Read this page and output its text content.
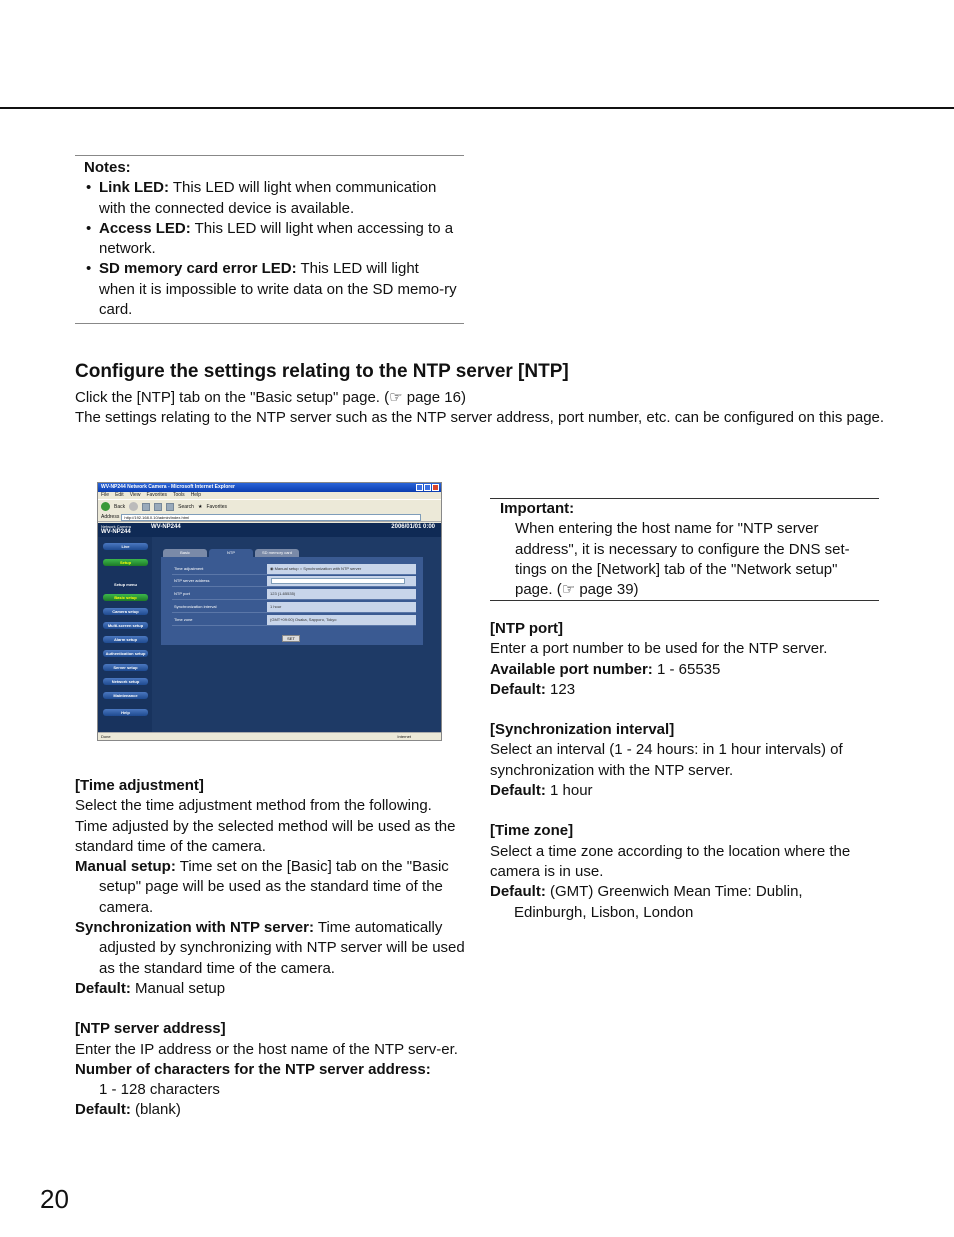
Notes:
• Link LED: This LED will light when communication with the connected device is available.
• Access LED: This LED will light when accessing to a network.
• SD memory card error LED: This LED will light when it is impossible to write data on the SD memo-ry card.
Configure the settings relating to the NTP server [NTP]
Click the [NTP] tab on the "Basic setup" page. (☞ page 16)
The settings relating to the NTP server such as the NTP server address, port number, etc. can be configured on this page.
WV-NP244 Network Camera - Microsoft Internet Explorer
File Edit View Favorites Tools Help
Back	Search ★ Favorites
Address	http://192.168.0.10/admin/index.html
Network Camera
WV-NP244
WV-NP244	2006/01/01 0:00
Live
Setup
Setup menu
Basic setup
Camera setup
Multi-screen setup
Alarm setup
Authentication setup
Server setup
Network setup
Maintenance
Help
Basic	NTP	SD memory card
Time adjustment	◉ Manual setup ○ Synchronization with NTP server
NTP server address
NTP port	123 (1-65535)
Synchronization interval	1 hour
Time zone	(GMT+09:00) Osaka, Sapporo, Tokyo
SET
Done	Internet
Important:
When entering the host name for "NTP server address", it is necessary to configure the DNS set-tings on the [Network] tab of the "Network setup" page. (☞ page 39)
[Time adjustment]
Select the time adjustment method from the following. Time adjusted by the selected method will be used as the standard time of the camera.
Manual setup: Time set on the [Basic] tab on the "Basic setup" page will be used as the standard time of the camera.
Synchronization with NTP server: Time automatically adjusted by synchronizing with NTP server will be used as the standard time of the camera.
Default: Manual setup
[NTP server address]
Enter the IP address or the host name of the NTP serv-er.
Number of characters for the NTP server address:
1 - 128 characters
Default: (blank)
[NTP port]
Enter a port number to be used for the NTP server.
Available port number: 1 - 65535
Default: 123
[Synchronization interval]
Select an interval (1 - 24 hours: in 1 hour intervals) of synchronization with the NTP server.
Default: 1 hour
[Time zone]
Select a time zone according to the location where the camera is in use.
Default: (GMT) Greenwich Mean Time: Dublin, Edinburgh, Lisbon, London
20
